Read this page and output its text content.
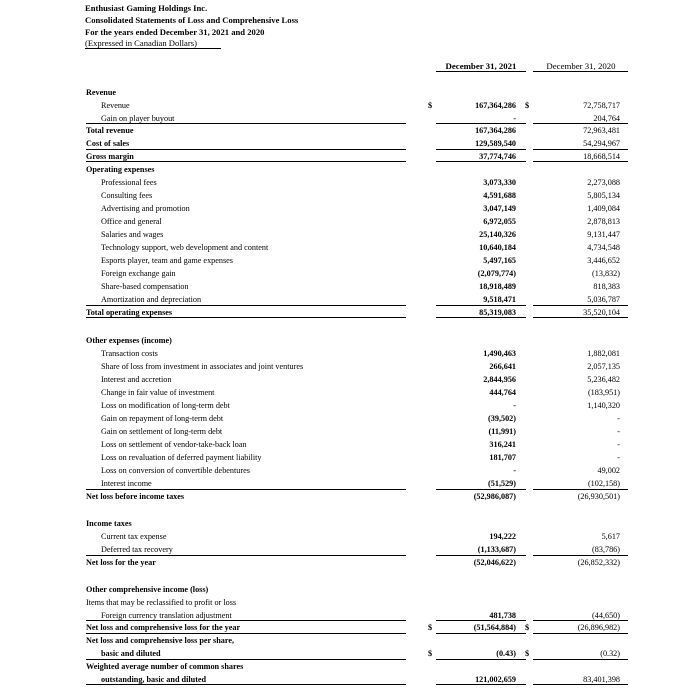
Enthusiast Gaming Holdings Inc.
Consolidated Statements of Loss and Comprehensive Loss
For the years ended December 31, 2021 and 2020
(Expressed in Canadian Dollars)
December 31, 2021	December 31, 2020
Revenue
Revenue	$	167,364,286 $	72,758,717
Gain on player buyout	-	204,764
Total revenue	167,364,286	72,963,481
Cost of sales	129,589,540	54,294,967
Gross margin	37,774,746	18,668,514
Operating expenses
Professional fees	3,073,330	2,273,088
Consulting fees	4,591,688	5,805,134
Advertising and promotion	3,047,149	1,409,084
Office and general	6,972,055	2,878,813
Salaries and wages	25,140,326	9,131,447
Technology support, web development and content	10,640,184	4,734,548
Esports player, team and game expenses	5,497,165	3,446,652
Foreign exchange gain	(2,079,774)	(13,832)
Share-based compensation	18,918,489	818,383
Amortization and depreciation	9,518,471	5,036,787
Total operating expenses	85,319,083	35,520,104
Other expenses (income)
Transaction costs	1,490,463	1,882,081
Share of loss from investment in associates and joint ventures	266,641	2,057,135
Interest and accretion	2,844,956	5,236,482
Change in fair value of investment	444,764	(183,951)
Loss on modification of long-term debt	-	1,140,320
Gain on repayment of long-term debt	(39,502)	-
Gain on settlement of long-term debt	(11,991)	-
Loss on settlement of vendor-take-back loan	316,241	-
Loss on revaluation of deferred payment liability	181,707	-
Loss on conversion of convertible debentures	-	49,002
Interest income	(51,529)	(102,158)
Net loss before income taxes	(52,986,087)	(26,930,501)
Income taxes
Current tax expense	194,222	5,617
Deferred tax recovery	(1,133,687)	(83,786)
Net loss for the year	(52,046,622)	(26,852,332)
Other comprehensive income (loss)
Items that may be reclassified to profit or loss
Foreign currency translation adjustment	481,738	(44,650)
Net loss and comprehensive loss for the year	$	(51,564,884) $	(26,896,982)
Net loss and comprehensive loss per share,
basic and diluted	$	(0.43) $	(0.32)
Weighted average number of common shares
outstanding, basic and diluted	121,002,659	83,401,398
